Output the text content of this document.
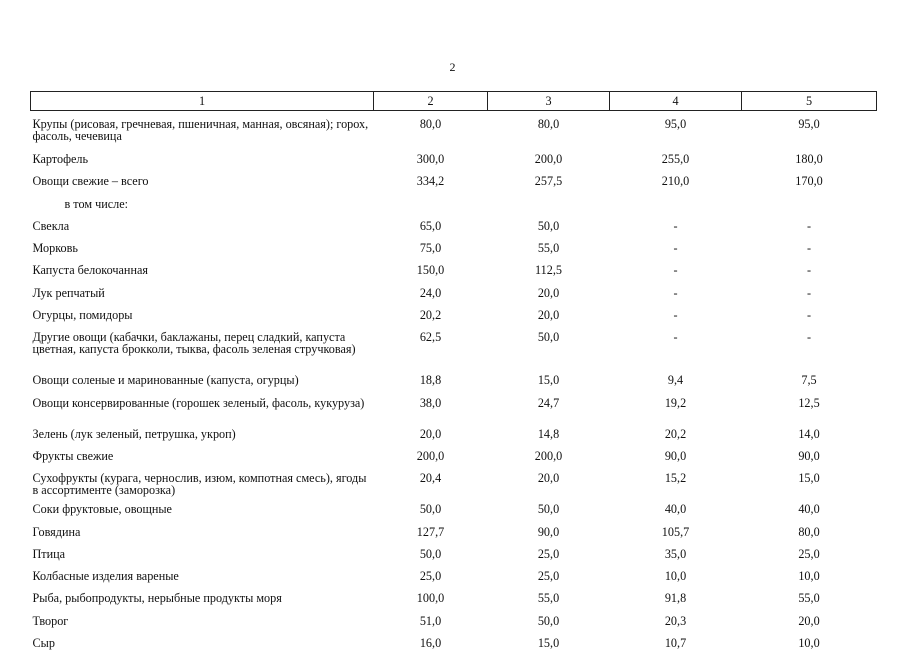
2
1	2	3	4	5
Крупы (рисовая, гречневая, пшеничная, манная, овсяная); горох, фасоль, чечевица	80,0	80,0	95,0	95,0
Картофель	300,0	200,0	255,0	180,0
Овощи свежие – всего	334,2	257,5	210,0	170,0
в том числе:				
Свекла	65,0	50,0	-	-
Морковь	75,0	55,0	-	-
Капуста белокочанная	150,0	112,5	-	-
Лук репчатый	24,0	20,0	-	-
Огурцы, помидоры	20,2	20,0	-	-
Другие овощи (кабачки, баклажаны, перец сладкий, капуста цветная, капуста брокколи, тыква, фасоль зеленая стручковая)	62,5	50,0	-	-
Овощи соленые и маринованные (капуста, огурцы)	18,8	15,0	9,4	7,5
Овощи консервированные (горошек зеленый, фасоль, кукуруза)	38,0	24,7	19,2	12,5
Зелень (лук зеленый, петрушка, укроп)	20,0	14,8	20,2	14,0
Фрукты свежие	200,0	200,0	90,0	90,0
Сухофрукты (курага, чернослив, изюм, компотная смесь), ягоды в ассортименте (заморозка)	20,4	20,0	15,2	15,0
Соки фруктовые, овощные	50,0	50,0	40,0	40,0
Говядина	127,7	90,0	105,7	80,0
Птица	50,0	25,0	35,0	25,0
Колбасные изделия вареные	25,0	25,0	10,0	10,0
Рыба, рыбопродукты, нерыбные продукты моря	100,0	55,0	91,8	55,0
Творог	51,0	50,0	20,3	20,0
Сыр	16,0	15,0	10,7	10,0
